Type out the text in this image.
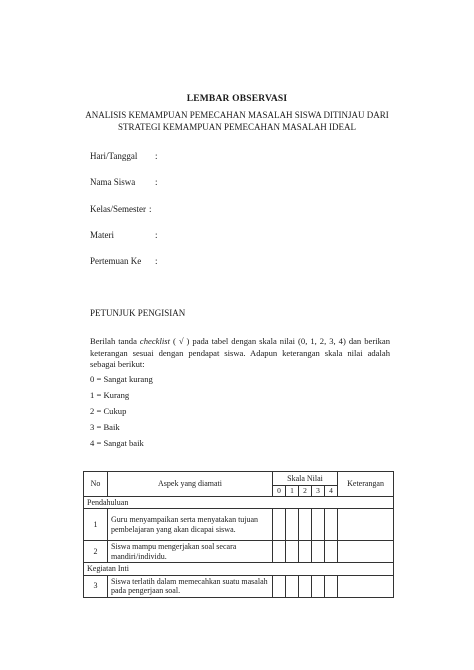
LEMBAR OBSERVASI
ANALISIS KEMAMPUAN PEMECAHAN MASALAH SISWA DITINJAU DARI
STRATEGI KEMAMPUAN PEMECAHAN MASALAH IDEAL
Hari/Tanggal :
Nama Siswa :
Kelas/Semester :
Materi	:
Pertemuan Ke :
PETUNJUK PENGISIAN
Berilah tanda checklist ( √ ) pada tabel dengan skala nilai (0, 1, 2, 3, 4) dan berikan keterangan sesuai dengan pendapat siswa. Adapun keterangan skala nilai adalah sebagai berikut:
0 = Sangat kurang
1 = Kurang
2 = Cukup
3 = Baik
4 = Sangat baik
No	Aspek yang diamati	Skala Nilai					Keterangan
		0	1	2	3	4	
Pendahuluan							
1	Guru menyampaikan serta menyatakan tujuan pembelajaran yang akan dicapai siswa.						
2	Siswa mampu mengerjakan soal secara mandiri/individu.						
Kegiatan Inti							
3	Siswa terlatih dalam memecahkan suatu masalah pada pengerjaan soal.						
